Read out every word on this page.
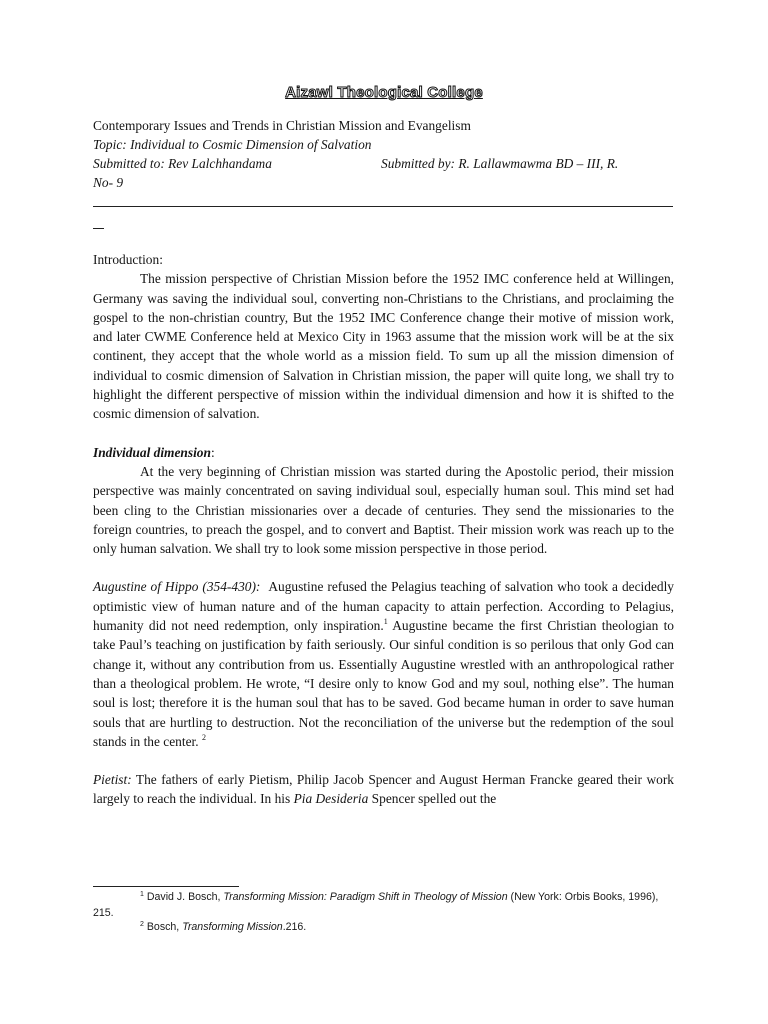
Aizawl Theological College
Contemporary Issues and Trends in Christian Mission and Evangelism
Topic: Individual to Cosmic Dimension of Salvation
Submitted to: Rev Lalchhandama	Submitted by: R. Lallawmawma BD – III, R.
No- 9

Introduction:

The mission perspective of Christian Mission before the 1952 IMC conference held at Willingen, Germany was saving the individual soul, converting non-Christians to the Christians, and proclaiming the gospel to the non-christian country, But the 1952 IMC Conference change their motive of mission work, and later CWME Conference held at Mexico City in 1963 assume that the mission work will be at the six continent, they accept that the whole world as a mission field. To sum up all the mission dimension of individual to cosmic dimension of Salvation in Christian mission, the paper will quite long, we shall try to highlight the different perspective of mission within the individual dimension and how it is shifted to the cosmic dimension of salvation.

Individual dimension:

At the very beginning of Christian mission was started during the Apostolic period, their mission perspective was mainly concentrated on saving individual soul, especially human soul. This mind set had been cling to the Christian missionaries over a decade of centuries. They send the missionaries to the foreign countries, to preach the gospel, and to convert and Baptist. Their mission work was reach up to the only human salvation. We shall try to look some mission perspective in those period.

Augustine of Hippo (354-430): Augustine refused the Pelagius teaching of salvation who took a decidedly optimistic view of human nature and of the human capacity to attain perfection. According to Pelagius, humanity did not need redemption, only inspiration.$^1$ Augustine became the first Christian theologian to take Paul’s teaching on justification by faith seriously. Our sinful condition is so perilous that only God can change it, without any contribution from us. Essentially Augustine wrestled with an anthropological rather than a theological problem. He wrote, “I desire only to know God and my soul, nothing else”. The human soul is lost; therefore it is the human soul that has to be saved. God became human in order to save human souls that are hurtling to destruction. Not the reconciliation of the universe but the redemption of the soul stands in the center. $^2$

Pietist: The fathers of early Pietism, Philip Jacob Spencer and August Herman Francke geared their work largely to reach the individual. In his Pia Desideria Spencer spelled out the

$^1$ David J. Bosch, Transforming Mission: Paradigm Shift in Theology of Mission (New York: Orbis Books, 1996), 215.
$^2$ Bosch, Transforming Mission.216.
